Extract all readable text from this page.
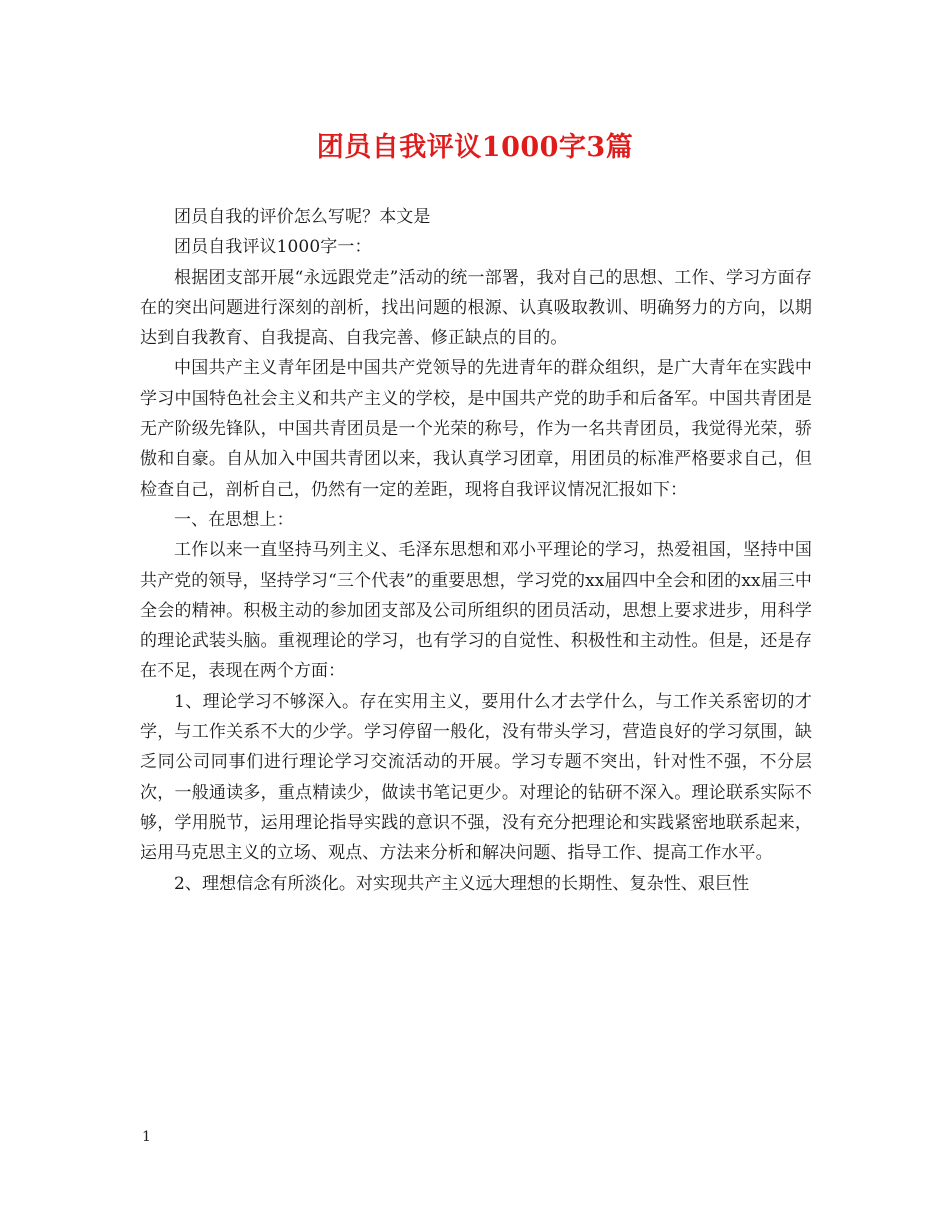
团员自我评议1000字3篇

团员自我的评价怎么写呢？本文是

团员自我评议1000字一：

根据团支部开展“永远跟党走”活动的统一部署，我对自己的思想、工作、学习方面存在的突出问题进行深刻的剖析，找出问题的根源、认真吸取教训、明确努力的方向，以期达到自我教育、自我提高、自我完善、修正缺点的目的。

中国共产主义青年团是中国共产党领导的先进青年的群众组织，是广大青年在实践中学习中国特色社会主义和共产主义的学校，是中国共产党的助手和后备军。中国共青团是无产阶级先锋队，中国共青团员是一个光荣的称号，作为一名共青团员，我觉得光荣，骄傲和自豪。自从加入中国共青团以来，我认真学习团章，用团员的标准严格要求自己，但检查自己，剖析自己，仍然有一定的差距，现将自我评议情况汇报如下：

一、在思想上：

工作以来一直坚持马列主义、毛泽东思想和邓小平理论的学习，热爱祖国，坚持中国共产党的领导，坚持学习“三个代表”的重要思想，学习党的xx届四中全会和团的xx届三中全会的精神。积极主动的参加团支部及公司所组织的团员活动，思想上要求进步，用科学的理论武装头脑。重视理论的学习，也有学习的自觉性、积极性和主动性。但是，还是存在不足，表现在两个方面：

1、理论学习不够深入。存在实用主义，要用什么才去学什么，与工作关系密切的才学，与工作关系不大的少学。学习停留一般化，没有带头学习，营造良好的学习氛围，缺乏同公司同事们进行理论学习交流活动的开展。学习专题不突出，针对性不强，不分层次，一般通读多，重点精读少，做读书笔记更少。对理论的钻研不深入。理论联系实际不够，学用脱节，运用理论指导实践的意识不强，没有充分把理论和实践紧密地联系起来，运用马克思主义的立场、观点、方法来分析和解决问题、指导工作、提高工作水平。

2、理想信念有所淡化。对实现共产主义远大理想的长期性、复杂性、艰巨性

1
